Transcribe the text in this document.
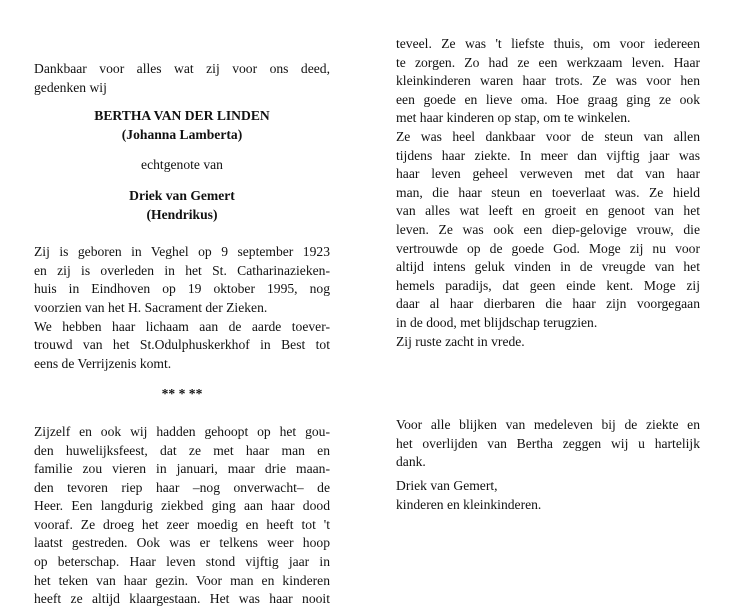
Dankbaar voor alles wat zij voor ons deed,
gedenken wij
BERTHA VAN DER LINDEN
(Johanna Lamberta)
echtgenote van
Driek van Gemert
(Hendrikus)
Zij is geboren in Veghel op 9 september 1923
en zij is overleden in het St. Catharinazieken-
huis in Eindhoven op 19 oktober 1995, nog
voorzien van het H. Sacrament der Zieken.
We hebben haar lichaam aan de aarde toever-
trouwd van het St.Odulphuskerkhof in Best tot
eens de Verrijzenis komt.
** * **
Zijzelf en ook wij hadden gehoopt op het gou-
den huwelijksfeest, dat ze met haar man en
familie zou vieren in januari, maar drie maan-
den tevoren riep haar –nog onverwacht– de
Heer. Een langdurig ziekbed ging aan haar dood
vooraf. Ze droeg het zeer moedig en heeft tot 't
laatst gestreden. Ook was er telkens weer hoop
op beterschap. Haar leven stond vijftig jaar in
het teken van haar gezin. Voor man en kinderen
heeft ze altijd klaargestaan. Het was haar nooit
teveel. Ze was 't liefste thuis, om voor iedereen
te zorgen. Zo had ze een werkzaam leven. Haar
kleinkinderen waren haar trots. Ze was voor hen
een goede en lieve oma. Hoe graag ging ze ook
met haar kinderen op stap, om te winkelen.
Ze was heel dankbaar voor de steun van allen
tijdens haar ziekte. In meer dan vijftig jaar was
haar leven geheel verweven met dat van haar
man, die haar steun en toeverlaat was. Ze hield
van alles wat leeft en groeit en genoot van het
leven. Ze was ook een diep-gelovige vrouw, die
vertrouwde op de goede God. Moge zij nu voor
altijd intens geluk vinden in de vreugde van het
hemels paradijs, dat geen einde kent. Moge zij
daar al haar dierbaren die haar zijn voorgegaan
in de dood, met blijdschap terugzien.
Zij ruste zacht in vrede.
Voor alle blijken van medeleven bij de ziekte en
het overlijden van Bertha zeggen wij u hartelijk
dank.
Driek van Gemert,
kinderen en kleinkinderen.
